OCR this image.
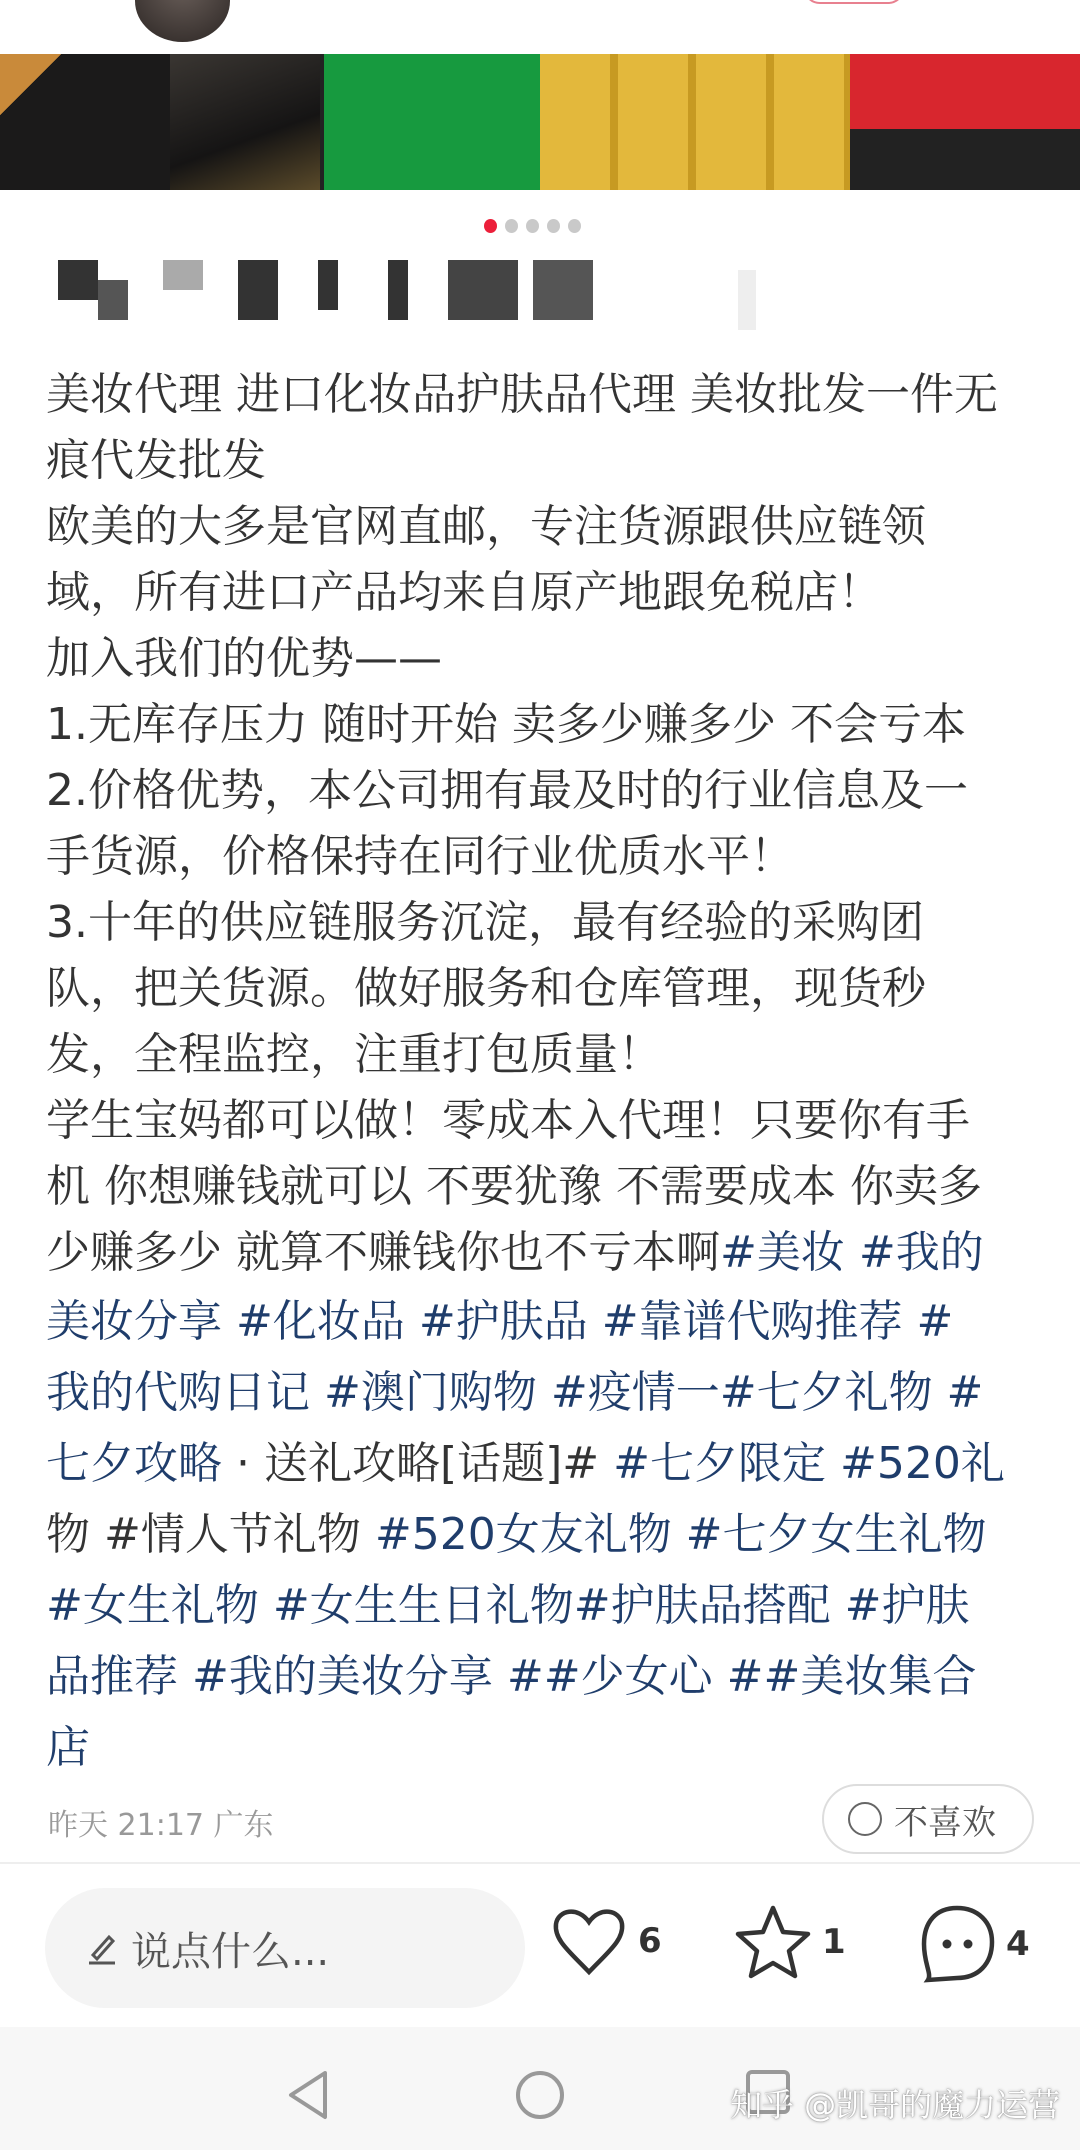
美妆代理 进口化妆品护肤品代理 美妆批发一件无
痕代发批发
欧美的大多是官网直邮，专注货源跟供应链领
域，所有进口产品均来自原产地跟免税店！
加入我们的优势——
1.无库存压力 随时开始 卖多少赚多少 不会亏本
2.价格优势，本公司拥有最及时的行业信息及一
手货源，价格保持在同行业优质水平！
3.十年的供应链服务沉淀，最有经验的采购团
队，把关货源。做好服务和仓库管理，现货秒
发，全程监控，注重打包质量！
学生宝妈都可以做！零成本入代理！只要你有手
机 你想赚钱就可以 不要犹豫 不需要成本 你卖多
少赚多少 就算不赚钱你也不亏本啊#美妆 #我的
美妆分享 #化妆品 #护肤品 #靠谱代购推荐 #
我的代购日记 #澳门购物 #疫情一#七夕礼物 #
七夕攻略 · 送礼攻略[话题]# #七夕限定 #520礼
物 #情人节礼物 #520女友礼物 #七夕女生礼物
#女生礼物 #女生生日礼物#护肤品搭配 #护肤
品推荐 #我的美妆分享 ##少女心 ##美妆集合
店
昨天 21:17 广东	不喜欢
说点什么...	6	1	4
知乎 @凯哥的魔力运营
